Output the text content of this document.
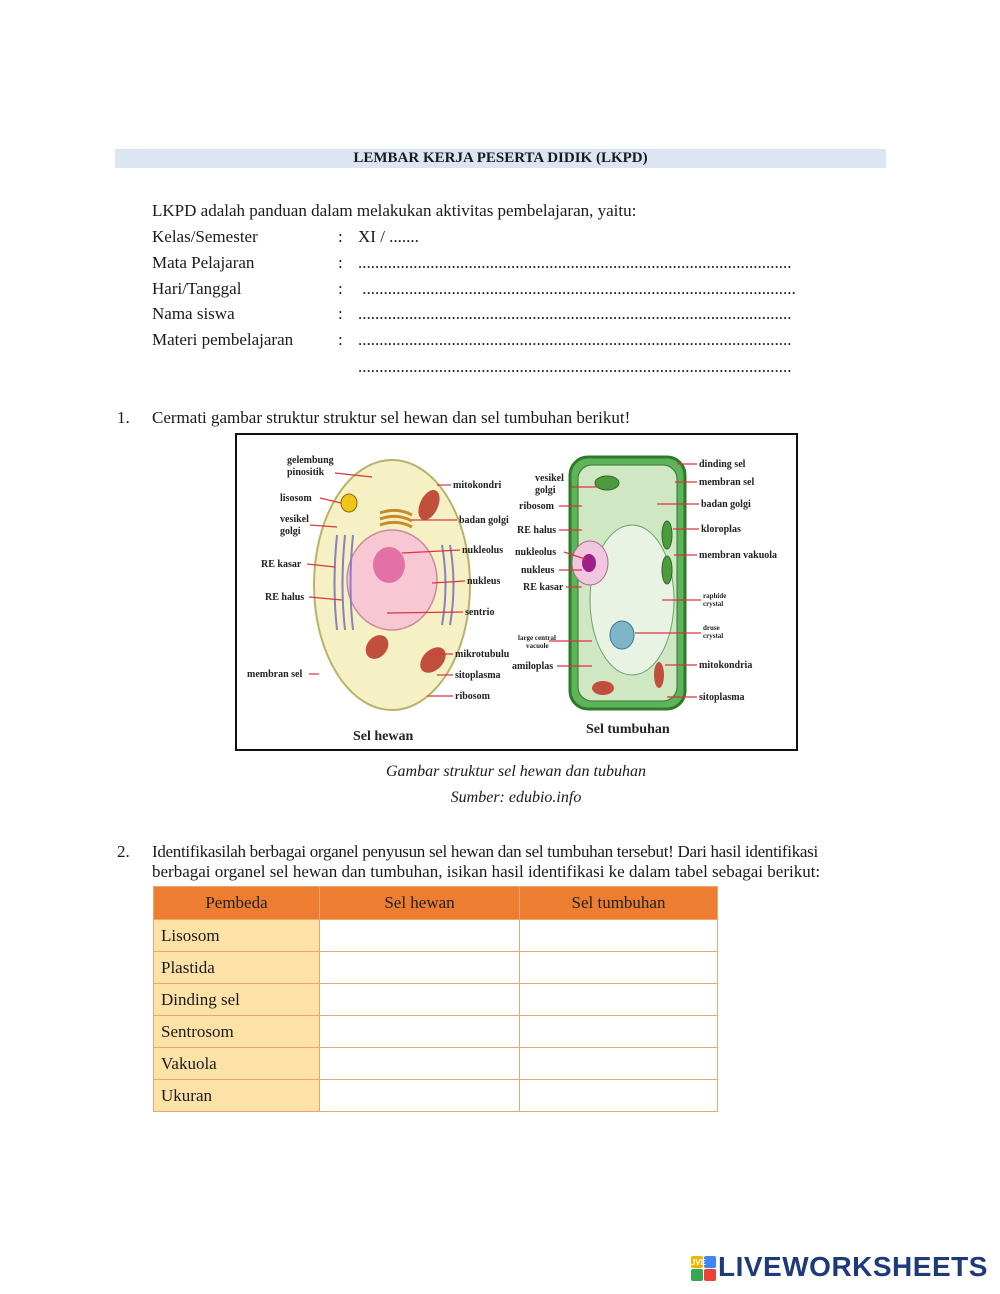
LEMBAR KERJA PESERTA DIDIK (LKPD)
LKPD adalah panduan dalam melakukan aktivitas pembelajaran, yaitu:
Kelas/Semester	: XI / .......
Mata Pelajaran	: ......................................................................................................
Hari/Tanggal	: ......................................................................................................
Nama siswa	: ......................................................................................................
Materi pembelajaran	: ......................................................................................................
......................................................................................................
1. Cermati gambar struktur struktur sel hewan dan sel tumbuhan berikut!
gelembung
pinositik
lisosom
vesikel
golgi
RE kasar
RE halus
membran sel
mitokondri
badan golgi
nukleolus
nukleus
sentrio
mikrotubulu
sitoplasma
ribosom
vesikel
golgi
ribosom
RE halus
nukleolus
nukleus
RE kasar
large central
vacuole
amiloplas
dinding sel
membran sel
badan golgi
kloroplas
membran vakuola
raphide
crystal
druse
crystal
mitokondria
sitoplasma
Sel hewan	Sel tumbuhan
Gambar struktur sel hewan dan tubuhan
Sumber: edubio.info
2. Identifikasilah berbagai organel penyusun sel hewan dan sel tumbuhan tersebut! Dari hasil identifikasi
berbagai organel sel hewan dan tumbuhan, isikan hasil identifikasi ke dalam tabel sebagai berikut:
Pembeda	Sel hewan	Sel tumbuhan
Lisosom		
Plastida		
Dinding sel		
Sentrosom		
Vakuola		
Ukuran		
LIVE LIVEWORKSHEETS
